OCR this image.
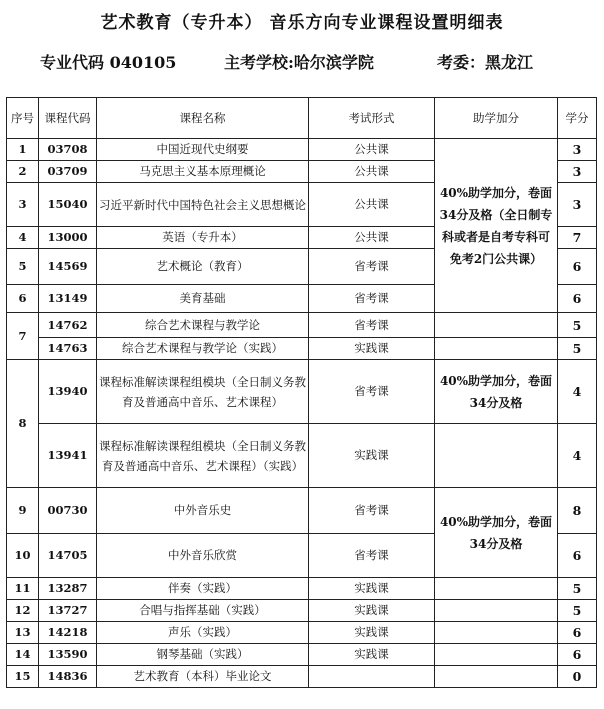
艺术教育（专升本） 音乐方向专业课程设置明细表
专业代码 040105	主考学校:哈尔滨学院	考委：黑龙江
序号	课程代码	课程名称	考试形式	助学加分	学分
1	03708	中国近现代史纲要	公共课	40%助学加分，卷面34分及格（全日制专科或者是自考专科可免考2门公共课）	3
2	03709	马克思主义基本原理概论	公共课		3
3	15040	习近平新时代中国特色社会主义思想概论	公共课		3
4	13000	英语（专升本）	公共课		7
5	14569	艺术概论（教育）	省考课		6
6	13149	美育基础	省考课		6
7	14762	综合艺术课程与教学论	省考课		5
	14763	综合艺术课程与教学论（实践）	实践课		5
8	13940	课程标准解读课程组模块（全日制义务教育及普通高中音乐、艺术课程）	省考课	40%助学加分，卷面34分及格	4
	13941	课程标准解读课程组模块（全日制义务教育及普通高中音乐、艺术课程）（实践）	实践课		4
9	00730	中外音乐史	省考课	40%助学加分，卷面34分及格	8
10	14705	中外音乐欣赏	省考课		6
11	13287	伴奏（实践）	实践课		5
12	13727	合唱与指挥基础（实践）	实践课		5
13	14218	声乐（实践）	实践课		6
14	13590	钢琴基础（实践）	实践课		6
15	14836	艺术教育（本科）毕业论文			0
